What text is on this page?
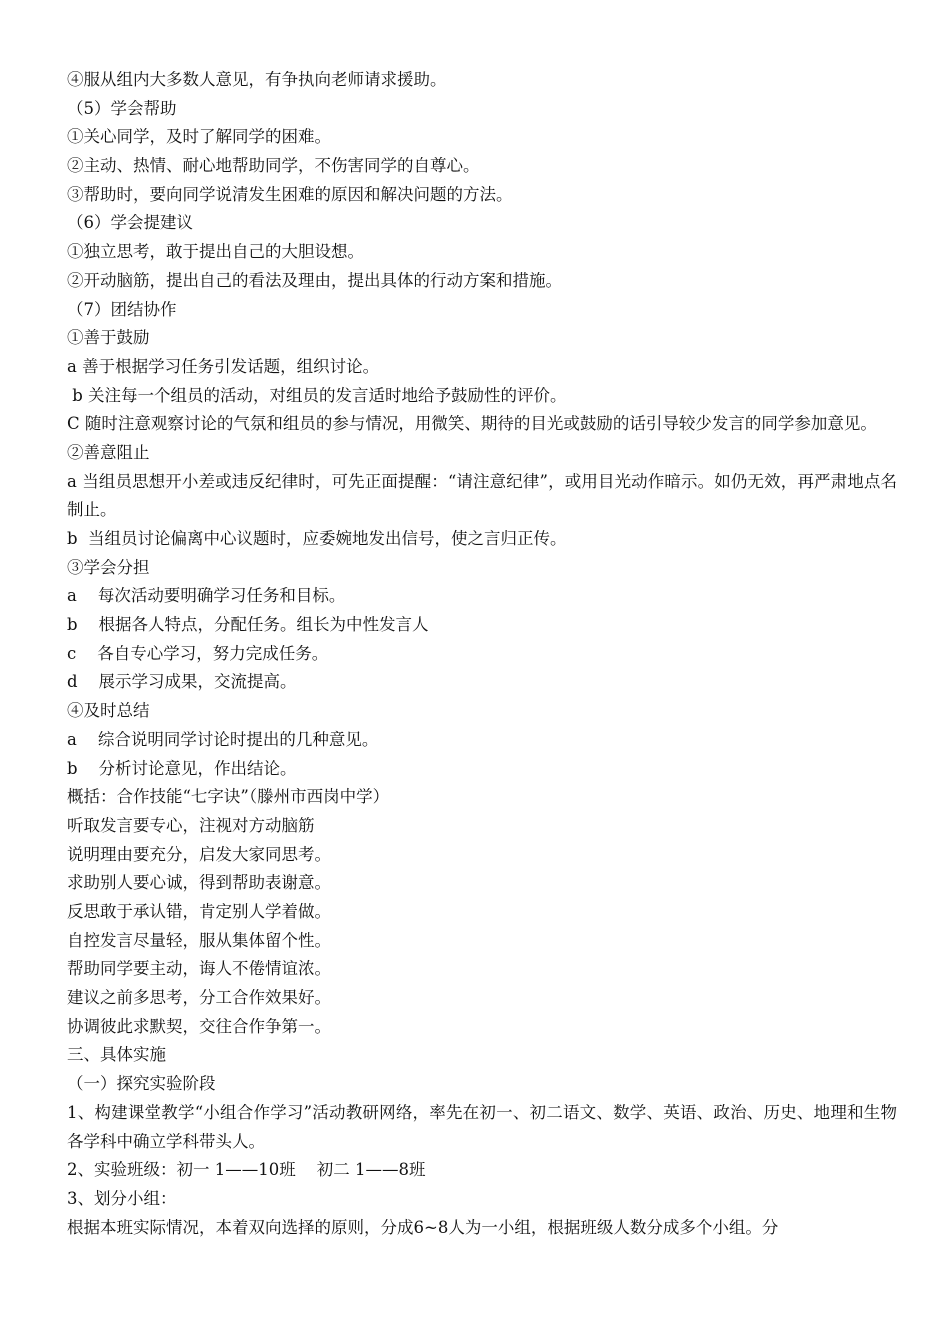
④服从组内大多数人意见，有争执向老师请求援助。
（5）学会帮助
①关心同学，及时了解同学的困难。
②主动、热情、耐心地帮助同学，不伤害同学的自尊心。
③帮助时，要向同学说清发生困难的原因和解决问题的方法。
（6）学会提建议
①独立思考，敢于提出自己的大胆设想。
②开动脑筋，提出自己的看法及理由，提出具体的行动方案和措施。
（7）团结协作
①善于鼓励
a 善于根据学习任务引发话题，组织讨论。
b 关注每一个组员的活动，对组员的发言适时地给予鼓励性的评价。
C 随时注意观察讨论的气氛和组员的参与情况，用微笑、期待的目光或鼓励的话引导较少发言的同学参加意见。
②善意阻止
a 当组员思想开小差或违反纪律时，可先正面提醒：“请注意纪律”，或用目光动作暗示。如仍无效，再严肃地点名制止。
b  当组员讨论偏离中心议题时，应委婉地发出信号，使之言归正传。
③学会分担
a    每次活动要明确学习任务和目标。
b    根据各人特点，分配任务。组长为中性发言人
c    各自专心学习，努力完成任务。
d    展示学习成果，交流提高。
④及时总结
a    综合说明同学讨论时提出的几种意见。
b    分析讨论意见，作出结论。
概括：合作技能“七字诀”（滕州市西岗中学）
听取发言要专心，注视对方动脑筋
说明理由要充分，启发大家同思考。
求助别人要心诚，得到帮助表谢意。
反思敢于承认错，肯定别人学着做。
自控发言尽量轻，服从集体留个性。
帮助同学要主动，诲人不倦情谊浓。
建议之前多思考，分工合作效果好。
协调彼此求默契，交往合作争第一。
三、具体实施
（一）探究实验阶段
1、构建课堂教学“小组合作学习”活动教研网络，率先在初一、初二语文、数学、英语、政治、历史、地理和生物各学科中确立学科带头人。
2、实验班级：初一 1——10班    初二 1——8班
3、划分小组：
根据本班实际情况，本着双向选择的原则，分成6~8人为一小组，根据班级人数分成多个小组。分
